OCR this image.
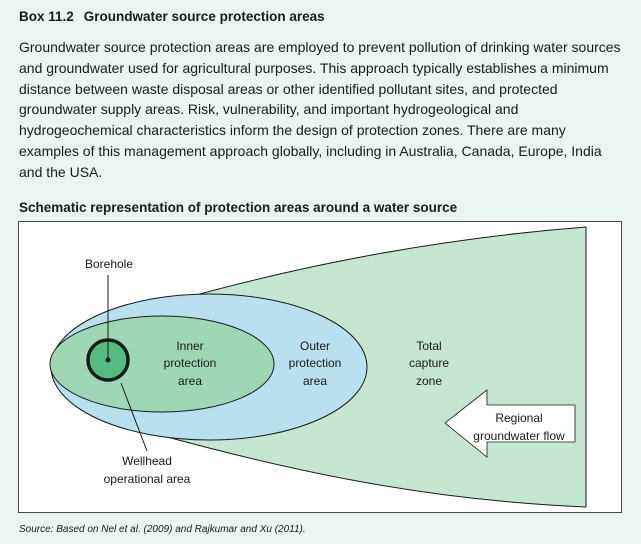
Box 11.2 Groundwater source protection areas

Groundwater source protection areas are employed to prevent pollution of drinking water sources and groundwater used for agricultural purposes. This approach typically establishes a minimum distance between waste disposal areas or other identified pollutant sites, and protected groundwater supply areas. Risk, vulnerability, and important hydrogeological and hydrogeochemical characteristics inform the design of protection zones. There are many examples of this management approach globally, including in Australia, Canada, Europe, India and the USA.

Schematic representation of protection areas around a water source
Borehole
Inner
protection
area
Outer
protection
area
Total
capture
zone
Regional
groundwater flow
Wellhead
operational area
Source: Based on Nel et al. (2009) and Rajkumar and Xu (2011).
